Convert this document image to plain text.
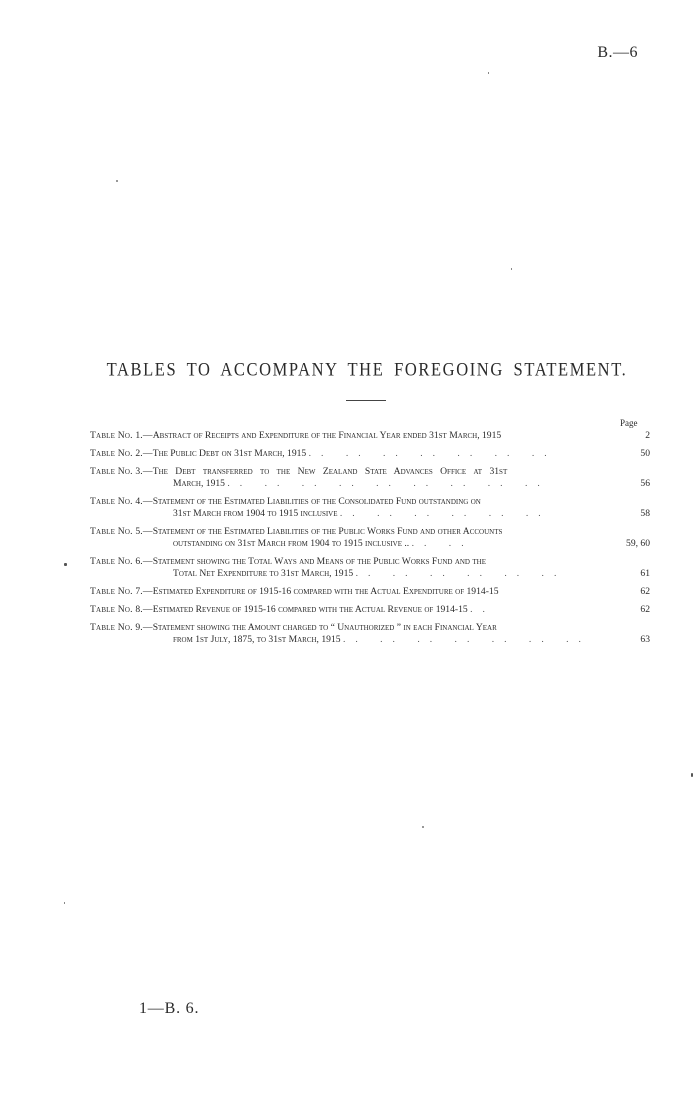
B.—6
TABLES TO ACCOMPANY THE FOREGOING STATEMENT.
Page
Table No. 1.—Abstract of Receipts and Expenditure of the Financial Year ended 31st March, 1915	2
Table No. 2.—The Public Debt on 31st March, 1915 .. .. .. .. .. .. ..	50
Table No. 3.—The Debt transferred to the New Zealand State Advances Office at 31st
March, 1915 .. .. .. .. .. .. .. .. ..	56
Table No. 4.—Statement of the Estimated Liabilities of the Consolidated Fund outstanding on
31st March from 1904 to 1915 inclusive .. .. .. .. .. ..	58
Table No. 5.—Statement of the Estimated Liabilities of the Public Works Fund and other Accounts
outstanding on 31st March from 1904 to 1915 inclusive .. .. ..	59, 60
Table No. 6.—Statement showing the Total Ways and Means of the Public Works Fund and the
Total Net Expenditure to 31st March, 1915 .. .. .. .. .. ..	61
Table No. 7.—Estimated Expenditure of 1915-16 compared with the Actual Expenditure of 1914-15	62
Table No. 8.—Estimated Revenue of 1915-16 compared with the Actual Revenue of 1914-15 ..	62
Table No. 9.—Statement showing the Amount charged to “ Unauthorized ” in each Financial Year
from 1st July, 1875, to 31st March, 1915 .. .. .. .. .. .. ..	63
1—B. 6.
